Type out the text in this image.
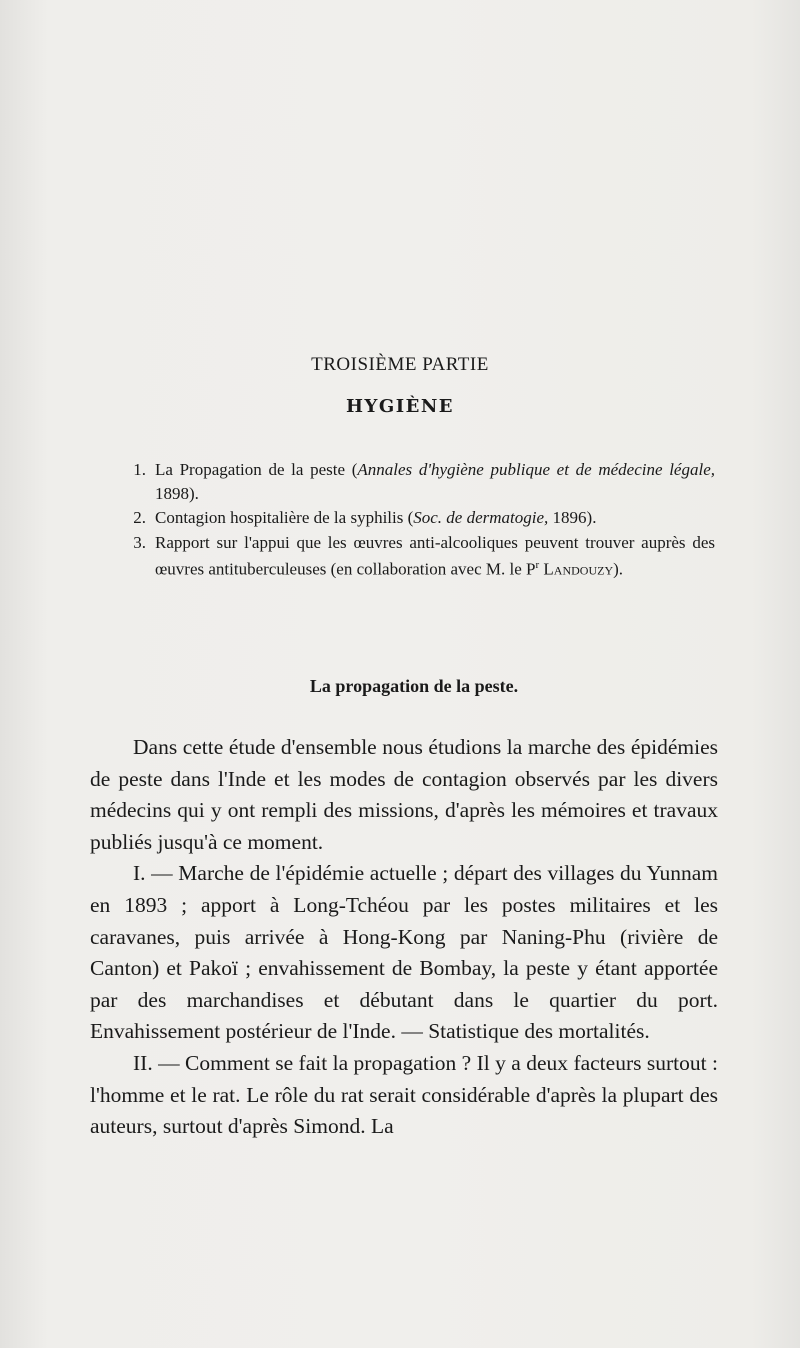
TROISIÈME PARTIE
HYGIÈNE
1. La Propagation de la peste (Annales d'hygiène publique et de médecine légale, 1898).
2. Contagion hospitalière de la syphilis (Soc. de dermatogie, 1896).
3. Rapport sur l'appui que les œuvres anti-alcooliques peuvent trouver auprès des œuvres antituberculeuses (en collaboration avec M. le $P^r$ Landouzy).
La propagation de la peste.

Dans cette étude d'ensemble nous étudions la marche des épidémies de peste dans l'Inde et les modes de contagion observés par les divers médecins qui y ont rempli des missions, d'après les mémoires et travaux publiés jusqu'à ce moment.

I. — Marche de l'épidémie actuelle ; départ des villages du Yunnam en 1893 ; apport à Long-Tchéou par les postes militaires et les caravanes, puis arrivée à Hong-Kong par Naning-Phu (rivière de Canton) et Pakoï ; envahissement de Bombay, la peste y étant apportée par des marchandises et débutant dans le quartier du port. Envahissement postérieur de l'Inde. — Statistique des mortalités.

II. — Comment se fait la propagation ? Il y a deux facteurs surtout : l'homme et le rat. Le rôle du rat serait considérable d'après la plupart des auteurs, surtout d'après Simond. La
